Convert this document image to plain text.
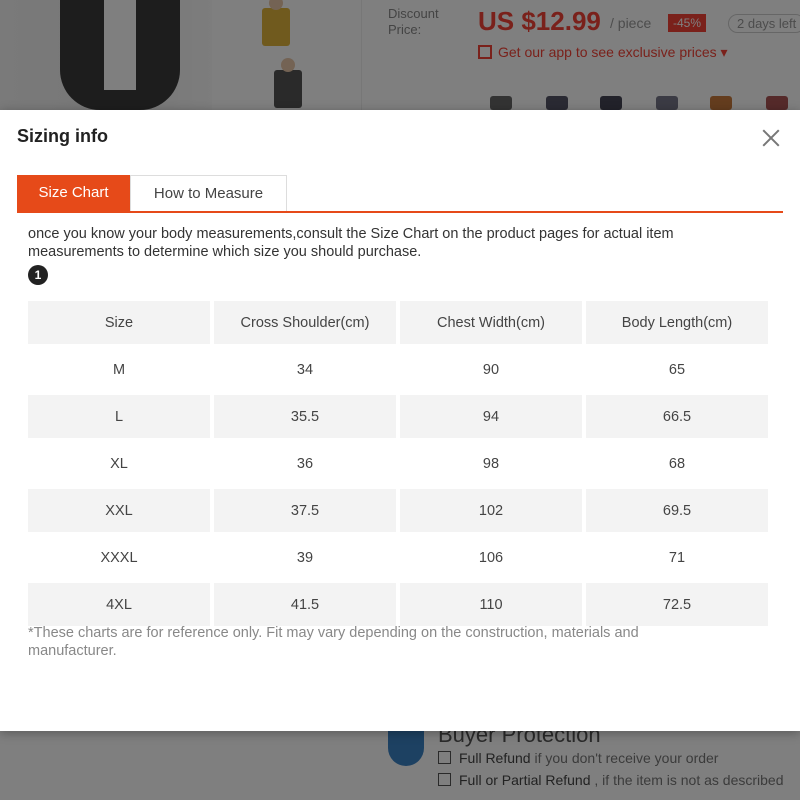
Sizing info
Size Chart	How to Measure
once you know your body measurements,consult the Size Chart on the product pages for actual item measurements to determine which size you should purchase.
1
Size	Cross Shoulder(cm)	Chest Width(cm)	Body Length(cm)
M	34	90	65
L	35.5	94	66.5
XL	36	98	68
XXL	37.5	102	69.5
XXXL	39	106	71
4XL	41.5	110	72.5
*These charts are for reference only. Fit may vary depending on the construction, materials and manufacturer.
